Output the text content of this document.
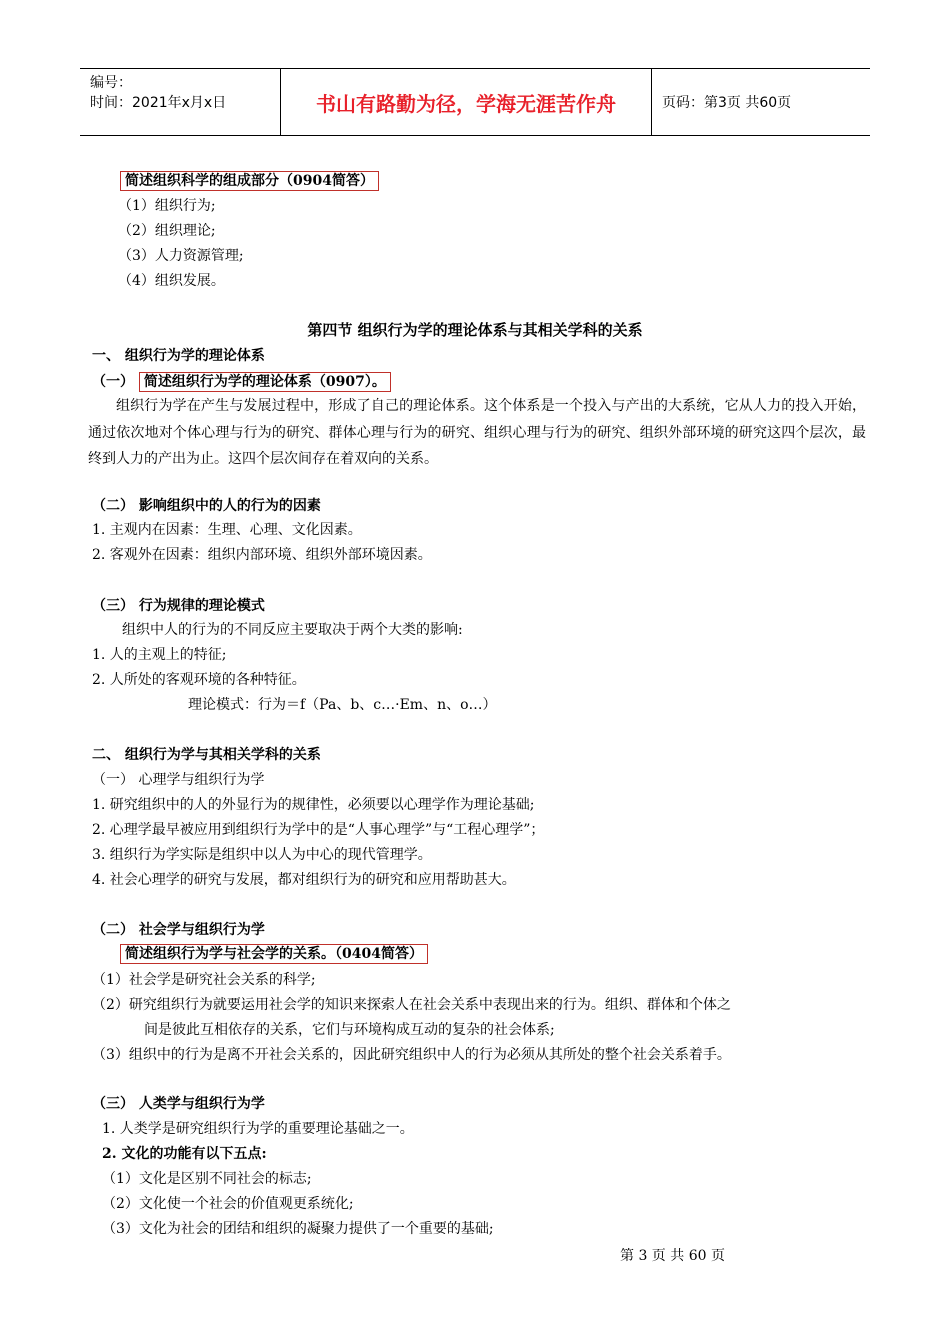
编号：
时间：2021年x月x日	书山有路勤为径，学海无涯苦作舟	页码：第3页 共60页
简述组织科学的组成部分（0904简答）
（1）组织行为;
（2）组织理论;
（3）人力资源管理;
（4）组织发展。
第四节 组织行为学的理论体系与其相关学科的关系
一、 组织行为学的理论体系
（一） 简述组织行为学的理论体系（0907）。
组织行为学在产生与发展过程中，形成了自己的理论体系。这个体系是一个投入与产出的大系统，它从人力的投入开始，通过依次地对个体心理与行为的研究、群体心理与行为的研究、组织心理与行为的研究、组织外部环境的研究这四个层次，最终到人力的产出为止。这四个层次间存在着双向的关系。
（二） 影响组织中的人的行为的因素
1. 主观内在因素：生理、心理、文化因素。
2. 客观外在因素：组织内部环境、组织外部环境因素。
（三） 行为规律的理论模式
组织中人的行为的不同反应主要取决于两个大类的影响:
1. 人的主观上的特征;
2. 人所处的客观环境的各种特征。
理论模式：行为＝f（Pa、b、c…·Em、n、o…）
二、 组织行为学与其相关学科的关系
（一） 心理学与组织行为学
1. 研究组织中的人的外显行为的规律性，必须要以心理学作为理论基础;
2. 心理学最早被应用到组织行为学中的是“人事心理学”与“工程心理学”；
3. 组织行为学实际是组织中以人为中心的现代管理学。
4. 社会心理学的研究与发展，都对组织行为的研究和应用帮助甚大。
（二） 社会学与组织行为学
简述组织行为学与社会学的关系。（0404简答）
（1）社会学是研究社会关系的科学;
（2）研究组织行为就要运用社会学的知识来探索人在社会关系中表现出来的行为。组织、群体和个体之
间是彼此互相依存的关系，它们与环境构成互动的复杂的社会体系;
（3）组织中的行为是离不开社会关系的，因此研究组织中人的行为必须从其所处的整个社会关系着手。
（三） 人类学与组织行为学
1. 人类学是研究组织行为学的重要理论基础之一。
2. 文化的功能有以下五点:
（1）文化是区别不同社会的标志;
（2）文化使一个社会的价值观更系统化;
（3）文化为社会的团结和组织的凝聚力提供了一个重要的基础;
第 3 页 共 60 页
